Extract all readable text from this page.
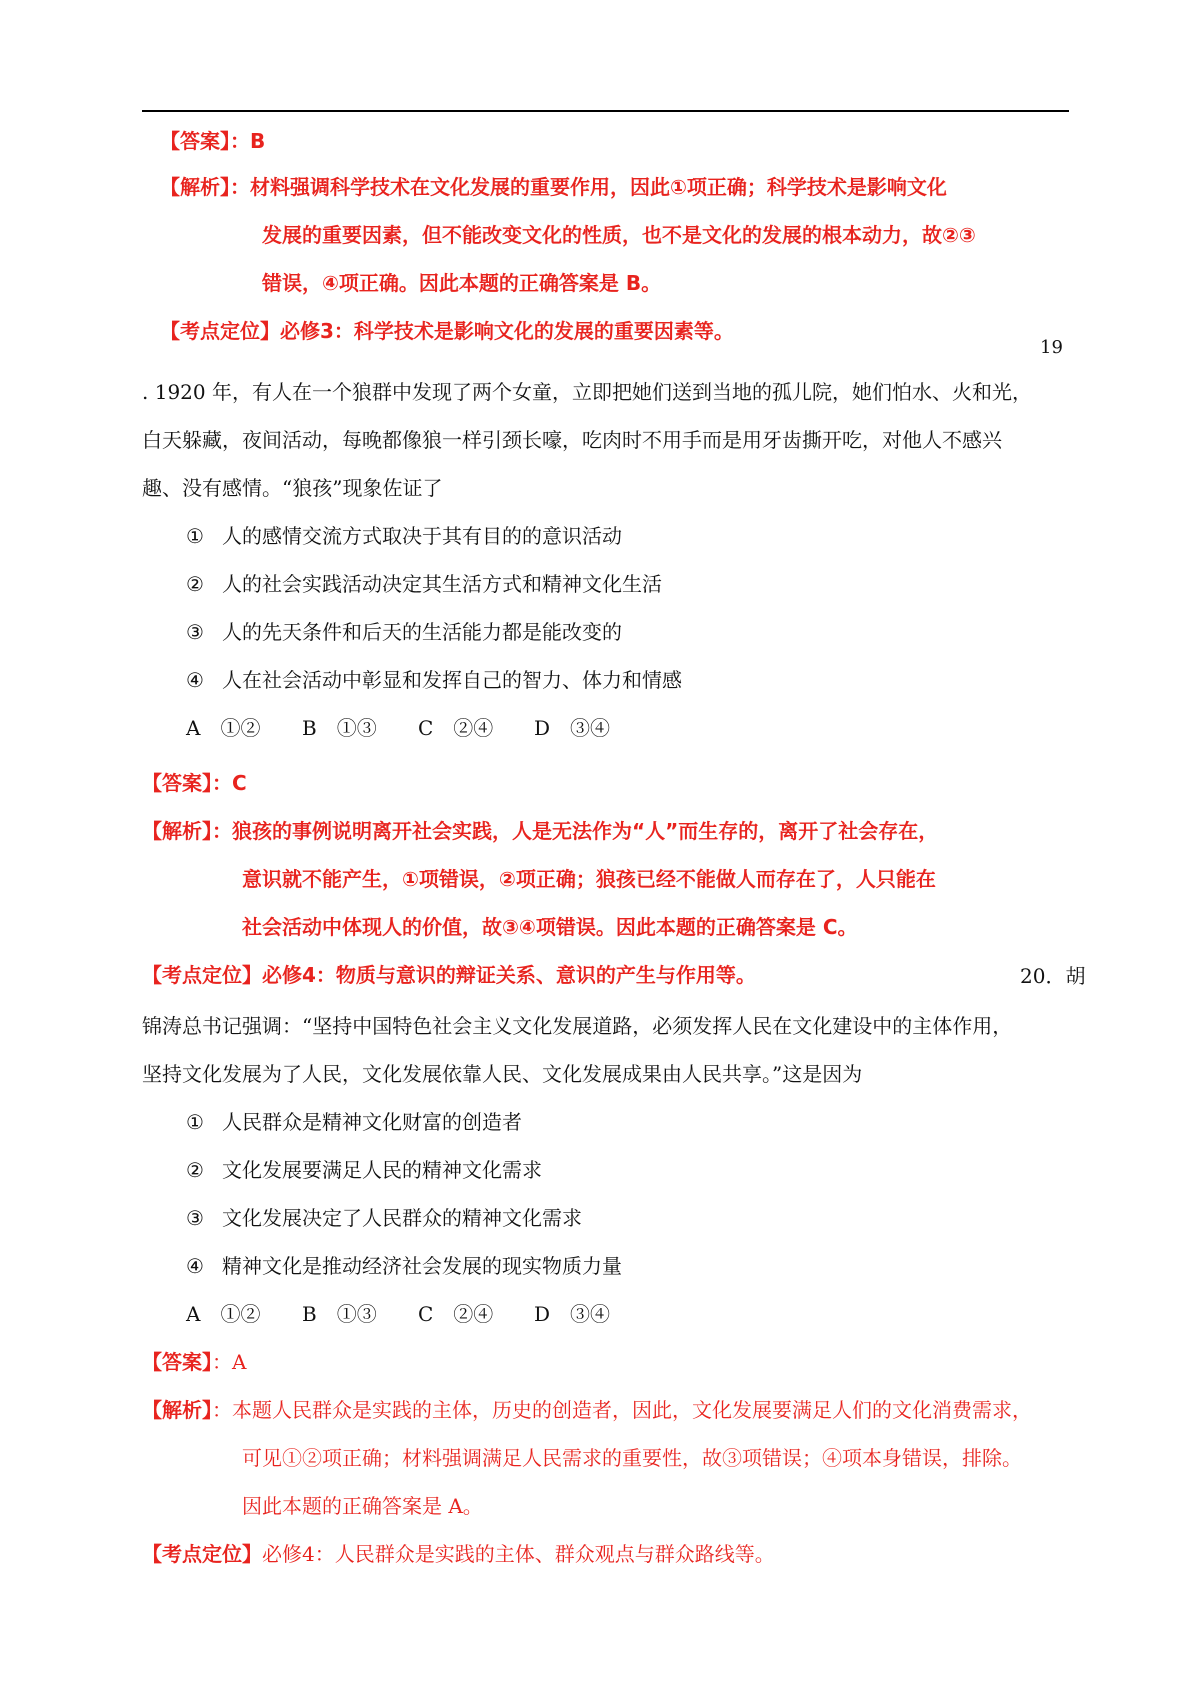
【答案】：B
【解析】：材料强调科学技术在文化发展的重要作用，因此①项正确；科学技术是影响文化
发展的重要因素，但不能改变文化的性质，也不是文化的发展的根本动力，故②③
错误，④项正确。因此本题的正确答案是 B。
【考点定位】必修3：科学技术是影响文化的发展的重要因素等。
19
. 1920 年，有人在一个狼群中发现了两个女童，立即把她们送到当地的孤儿院，她们怕水、火和光，
白天躲藏，夜间活动，每晚都像狼一样引颈长嚎，吃肉时不用手而是用牙齿撕开吃，对他人不感兴
趣、没有感情。“狼孩”现象佐证了
① 人的感情交流方式取决于其有目的的意识活动
② 人的社会实践活动决定其生活方式和精神文化生活
③ 人的先天条件和后天的生活能力都是能改变的
④ 人在社会活动中彰显和发挥自己的智力、体力和情感
A　①② B　①③ C　②④ D　③④
【答案】：C
【解析】：狼孩的事例说明离开社会实践，人是无法作为“人”而生存的，离开了社会存在，
意识就不能产生，①项错误，②项正确；狼孩已经不能做人而存在了，人只能在
社会活动中体现人的价值，故③④项错误。因此本题的正确答案是 C。
【考点定位】必修4：物质与意识的辩证关系、意识的产生与作用等。	20．胡
锦涛总书记强调：“坚持中国特色社会主义文化发展道路，必须发挥人民在文化建设中的主体作用，
坚持文化发展为了人民，文化发展依靠人民、文化发展成果由人民共享。”这是因为
① 人民群众是精神文化财富的创造者
② 文化发展要满足人民的精神文化需求
③ 文化发展决定了人民群众的精神文化需求
④ 精神文化是推动经济社会发展的现实物质力量
A　①② B　①③ C　②④ D　③④
【答案】：A
【解析】：本题人民群众是实践的主体，历史的创造者，因此，文化发展要满足人们的文化消费需求，
可见①②项正确；材料强调满足人民需求的重要性，故③项错误；④项本身错误，排除。
因此本题的正确答案是 A。
【考点定位】必修4：人民群众是实践的主体、群众观点与群众路线等。
